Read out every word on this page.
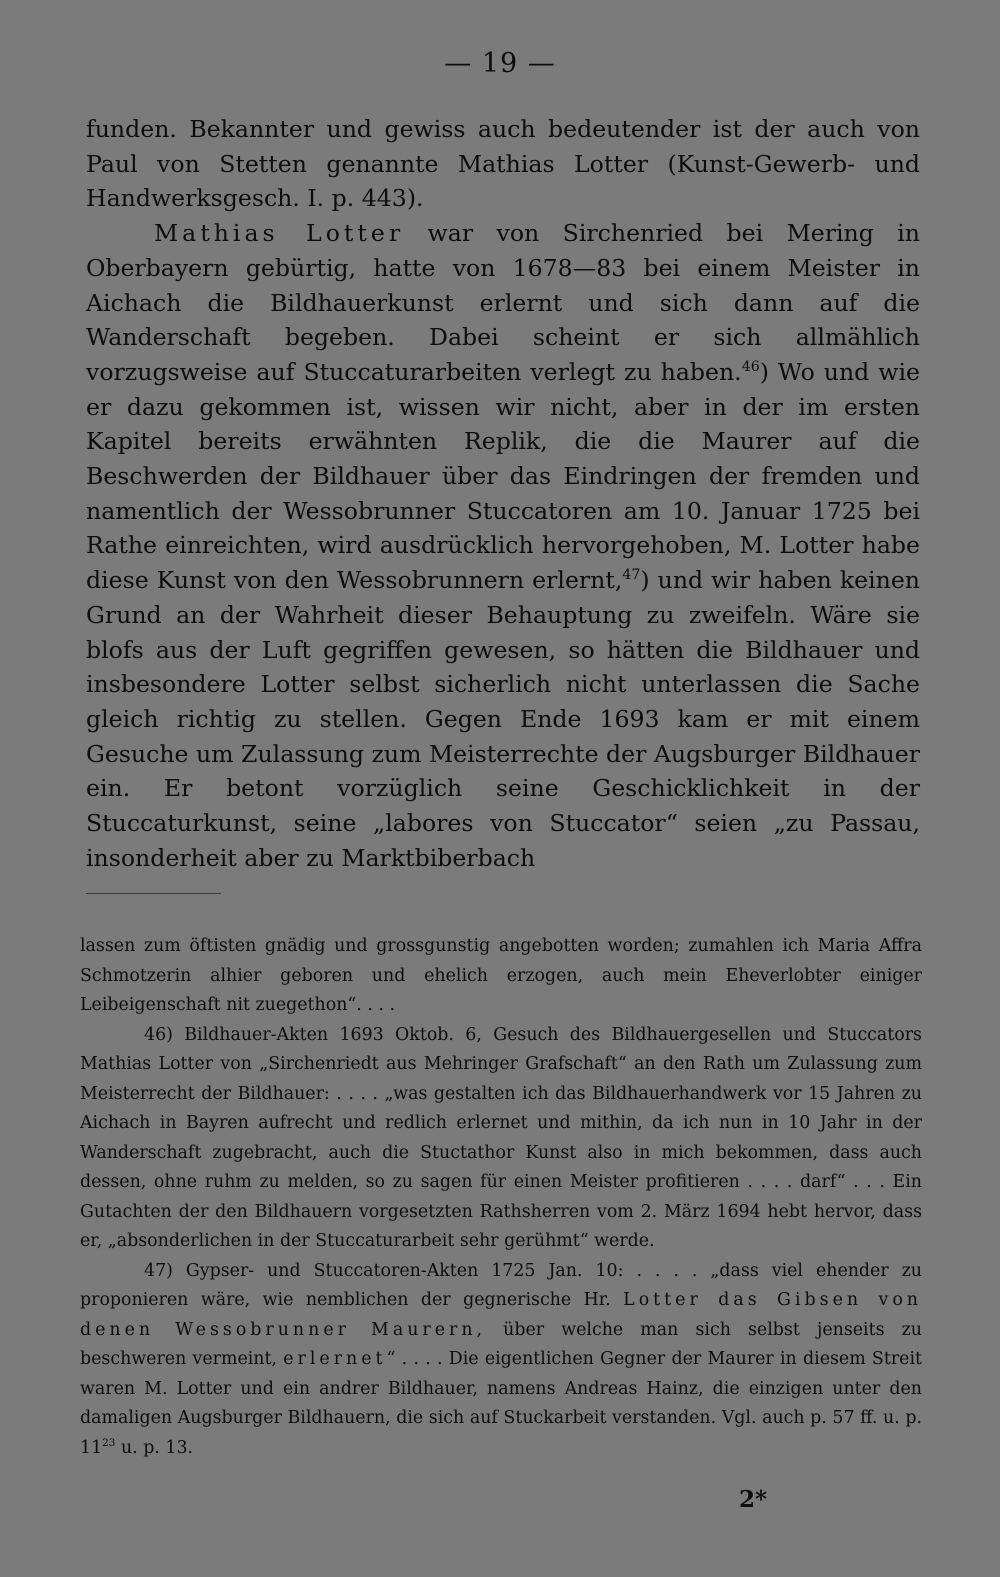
— 19 —

funden. Bekannter und gewiss auch bedeutender ist der auch von Paul von Stetten genannte Mathias Lotter (Kunst-Gewerb- und Handwerksgesch. I. p. 443).

Mathias Lotter war von Sirchenried bei Mering in Oberbayern gebürtig, hatte von 1678—83 bei einem Meister in Aichach die Bildhauerkunst erlernt und sich dann auf die Wanderschaft begeben. Dabei scheint er sich allmählich vorzugsweise auf Stuccaturarbeiten verlegt zu haben.$^{46}$) Wo und wie er dazu gekommen ist, wissen wir nicht, aber in der im ersten Kapitel bereits erwähnten Replik, die die Maurer auf die Beschwerden der Bildhauer über das Eindringen der fremden und namentlich der Wessobrunner Stuccatoren am 10. Januar 1725 bei Rathe einreichten, wird ausdrücklich hervorgehoben, M. Lotter habe diese Kunst von den Wessobrunnern erlernt,$^{47}$) und wir haben keinen Grund an der Wahrheit dieser Behauptung zu zweifeln. Wäre sie blofs aus der Luft gegriffen gewesen, so hätten die Bildhauer und insbesondere Lotter selbst sicherlich nicht unterlassen die Sache gleich richtig zu stellen. Gegen Ende 1693 kam er mit einem Gesuche um Zulassung zum Meisterrechte der Augsburger Bildhauer ein. Er betont vorzüglich seine Geschicklichkeit in der Stuccaturkunst, seine „labores von Stuccator“ seien „zu Passau, insonderheit aber zu Marktbiberbach

lassen zum öftisten gnädig und grossgunstig angebotten worden; zumahlen ich Maria Affra Schmotzerin alhier geboren und ehelich erzogen, auch mein Eheverlobter einiger Leibeigenschaft nit zuegethon“. . . .

46) Bildhauer-Akten 1693 Oktob. 6, Gesuch des Bildhauergesellen und Stuccators Mathias Lotter von „Sirchenriedt aus Mehringer Grafschaft“ an den Rath um Zulassung zum Meisterrecht der Bildhauer: . . . . „was gestalten ich das Bildhauerhandwerk vor 15 Jahren zu Aichach in Bayren aufrecht und redlich erlernet und mithin, da ich nun in 10 Jahr in der Wanderschaft zugebracht, auch die Stuctathor Kunst also in mich bekommen, dass auch dessen, ohne ruhm zu melden, so zu sagen für einen Meister profitieren . . . . darf“ . . . Ein Gutachten der den Bildhauern vorgesetzten Rathsherren vom 2. März 1694 hebt hervor, dass er, „absonderlichen in der Stuccaturarbeit sehr gerühmt“ werde.

47) Gypser- und Stuccatoren-Akten 1725 Jan. 10: . . . . „dass viel ehender zu proponieren wäre, wie nemblichen der gegnerische Hr. Lotter das Gibsen von denen Wessobrunner Maurern, über welche man sich selbst jenseits zu beschweren vermeint, erlernet“ . . . . Die eigentlichen Gegner der Maurer in diesem Streit waren M. Lotter und ein andrer Bildhauer, namens Andreas Hainz, die einzigen unter den damaligen Augsburger Bildhauern, die sich auf Stuckarbeit verstanden. Vgl. auch p. 57 ff. u. p. $11^{23}$ u. p. 13.

2*
